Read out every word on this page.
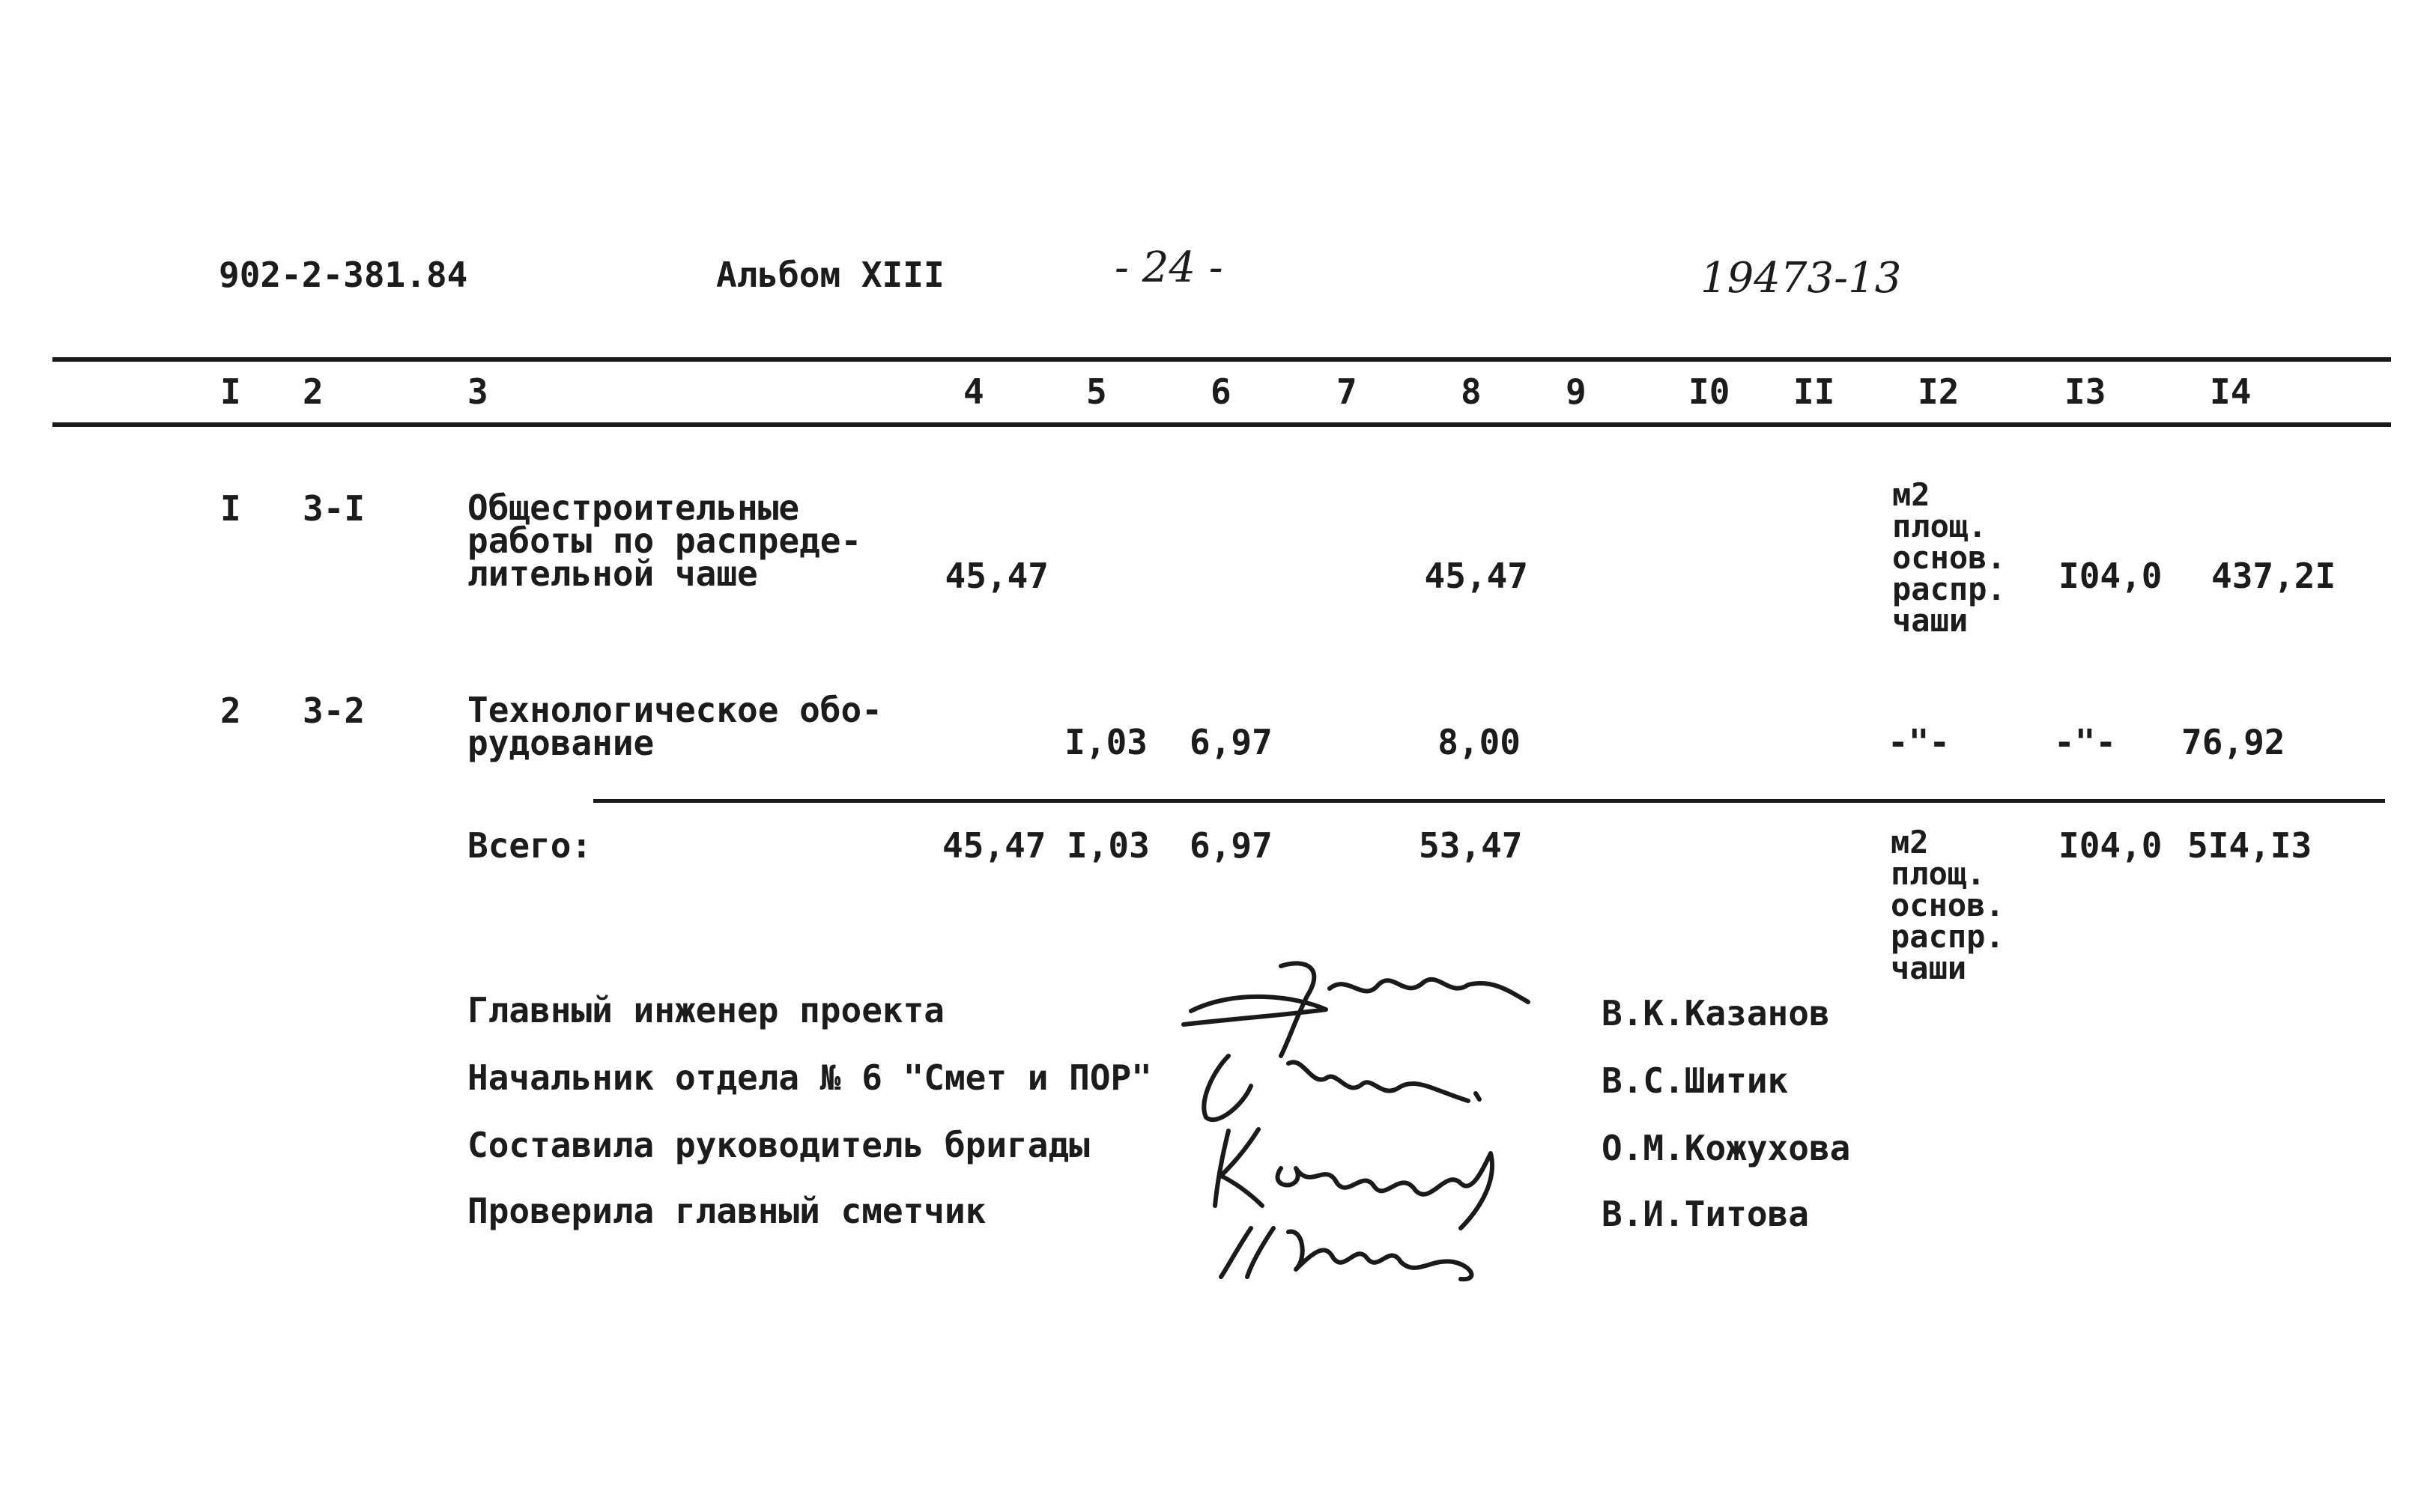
902-2-381.84	Альбом XIII	- 24 -	19473-13
I 2	3	4	5	6	7	8 9	I0 II I2	I3	I4
I 3-I	Общестроительные
работы по распреде-
лительной чаше	45,47	45,47
м2
площ.
основ.
распр.
чаши
I04,0 437,2I
2 3-2	Технологическое обо-
рудование	I,03 6,97	8,00	-"-	-"- 76,92
Всего:	45,47 I,03 6,97	53,47	м2
площ.
основ.
распр.
чаши
I04,0 5I4,I3
Главный инженер проекта	В.К.Казанов
Начальник отдела № 6 "Смет и ПОР"	В.С.Шитик
Составила руководитель бригады	О.М.Кожухова
Проверила главный сметчик	В.И.Титова
